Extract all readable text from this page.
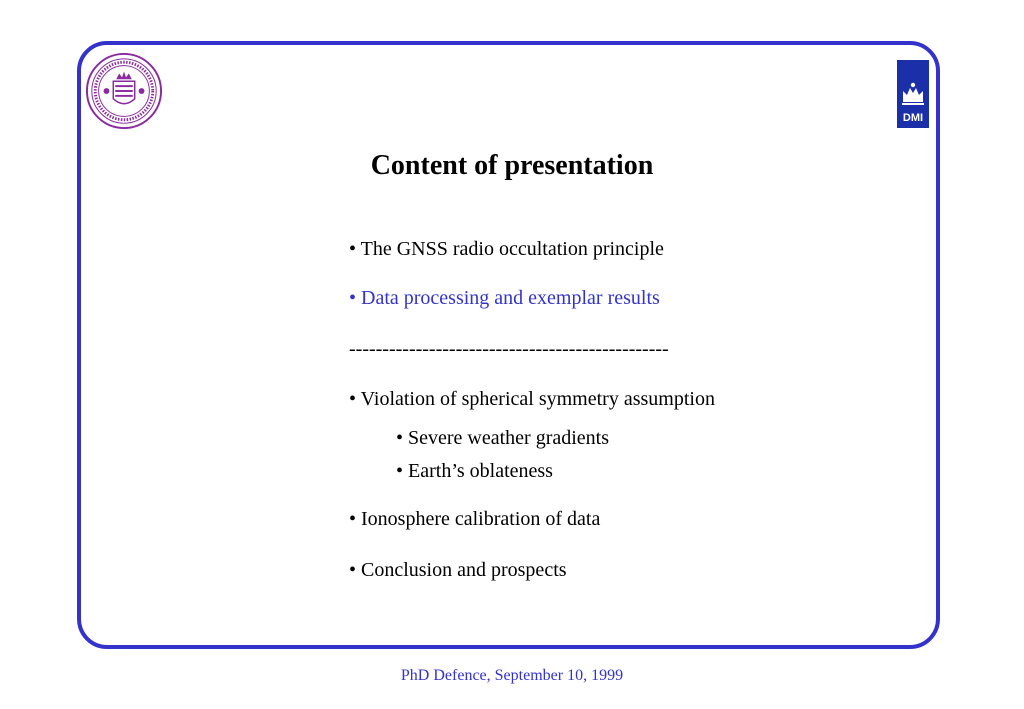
DMI
Content of presentation
• The GNSS radio occultation principle
• Data processing and exemplar results
------------------------------------------------
• Violation of spherical symmetry assumption
• Severe weather gradients
• Earth’s oblateness
• Ionosphere calibration of data
• Conclusion and prospects
PhD Defence, September 10, 1999
